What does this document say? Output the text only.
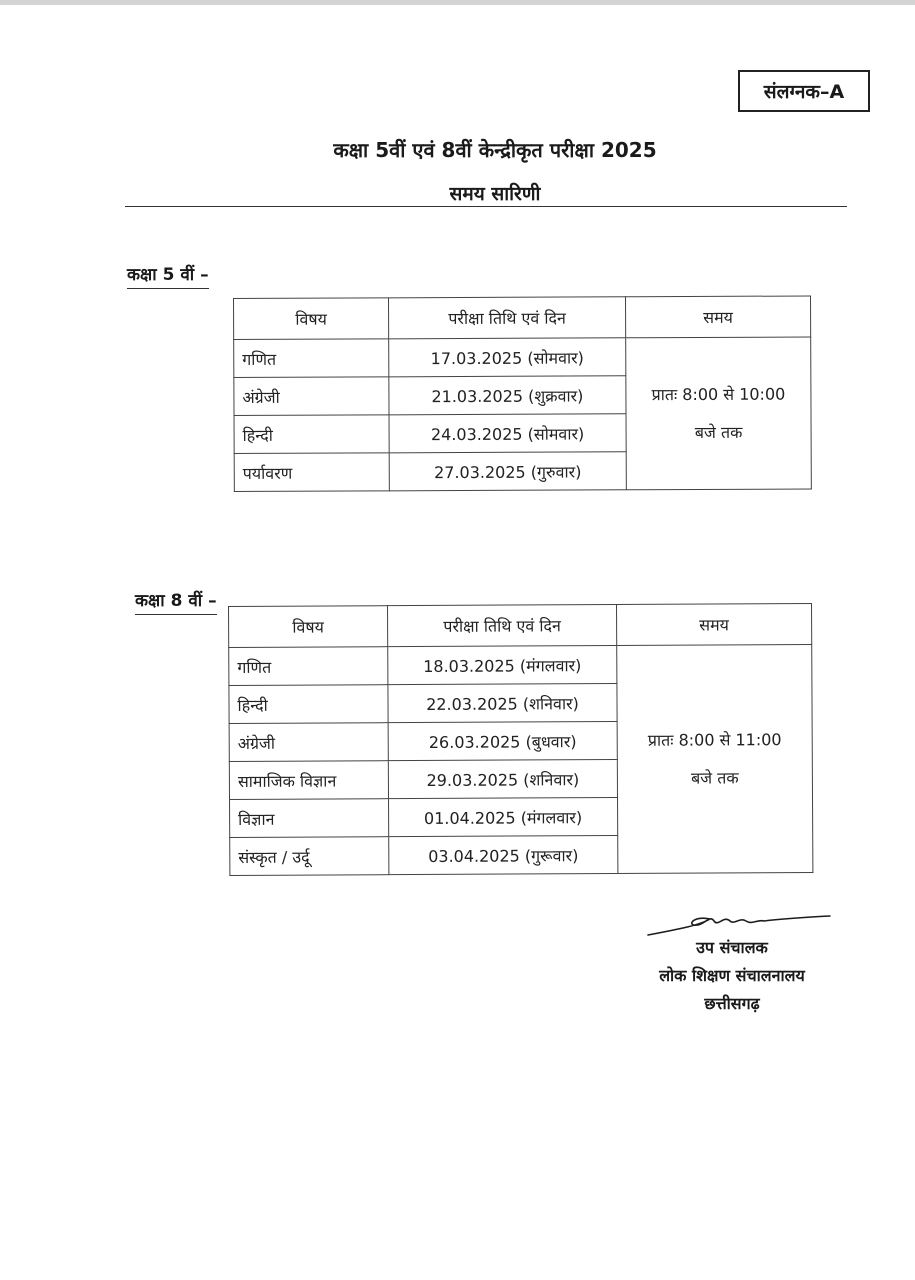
संलग्नक–A
कक्षा 5वीं एवं 8वीं केन्द्रीकृत परीक्षा 2025
समय सारिणी
कक्षा 5 वीं –
विषय	परीक्षा तिथि एवं दिन	समय
गणित	17.03.2025 (सोमवार)	प्रातः 8:00 से 10:00
बजे तक

अंग्रेजी	21.03.2025 (शुक्रवार)	
हिन्दी	24.03.2025 (सोमवार)	
पर्यावरण	27.03.2025 (गुरुवार)	
कक्षा 8 वीं –
विषय	परीक्षा तिथि एवं दिन	समय
गणित	18.03.2025 (मंगलवार)	प्रातः 8:00 से 11:00
बजे तक

हिन्दी	22.03.2025 (शनिवार)	
अंग्रेजी	26.03.2025 (बुधवार)	
सामाजिक विज्ञान	29.03.2025 (शनिवार)	
विज्ञान	01.04.2025 (मंगलवार)	
संस्कृत / उर्दू	03.04.2025 (गुरूवार)	
उप संचालक
लोक शिक्षण संचालनालय
छत्तीसगढ़
